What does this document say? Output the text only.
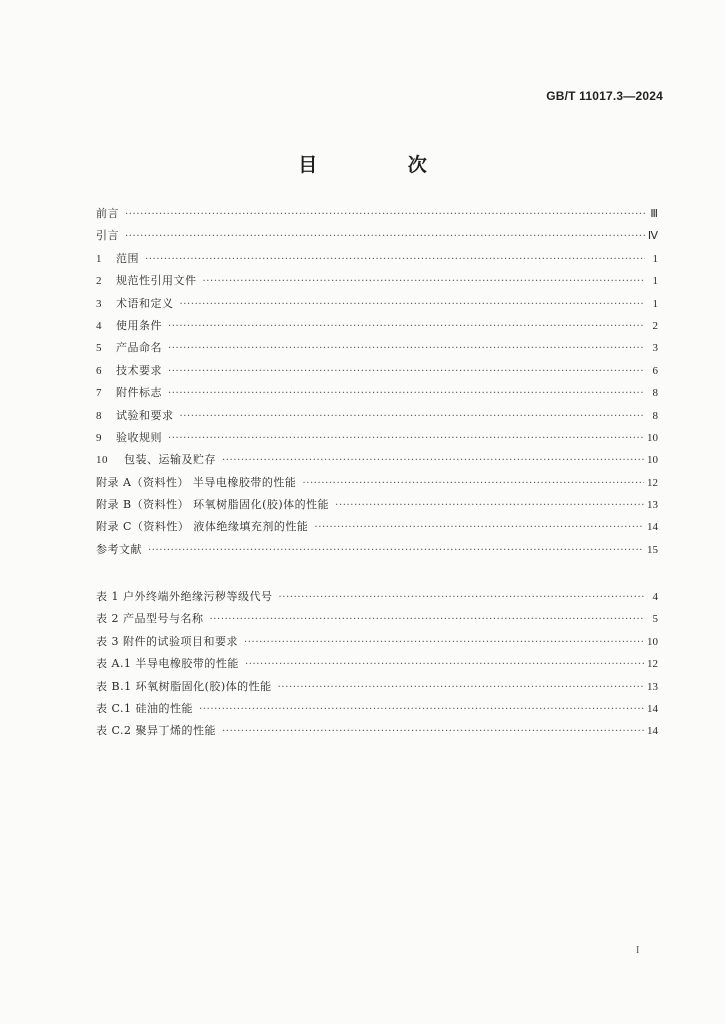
GB/T 11017.3—2024
目 次
前言 ·····	Ⅲ
引言 ·····	Ⅳ
1 范围 ·····	1
2 规范性引用文件 ·····	1
3 术语和定义 ·····	1
4 使用条件 ·····	2
5 产品命名 ·····	3
6 技术要求 ·····	6
7 附件标志 ·····	8
8 试验和要求 ·····	8
9 验收规则 ·····	10
10 包装、运输及贮存 ·····	10
附录 A（资料性） 半导电橡胶带的性能 ·····	12
附录 B（资料性） 环氧树脂固化(胶)体的性能 ·····	13
附录 C（资料性） 液体绝缘填充剂的性能 ·····	14
参考文献 ·····	15
表 1 户外终端外绝缘污秽等级代号 ·····	4
表 2 产品型号与名称 ·····	5
表 3 附件的试验项目和要求 ·····	10
表 A.1 半导电橡胶带的性能 ·····	12
表 B.1 环氧树脂固化(胶)体的性能 ·····	13
表 C.1 硅油的性能 ·····	14
表 C.2 聚异丁烯的性能 ·····	14
I
